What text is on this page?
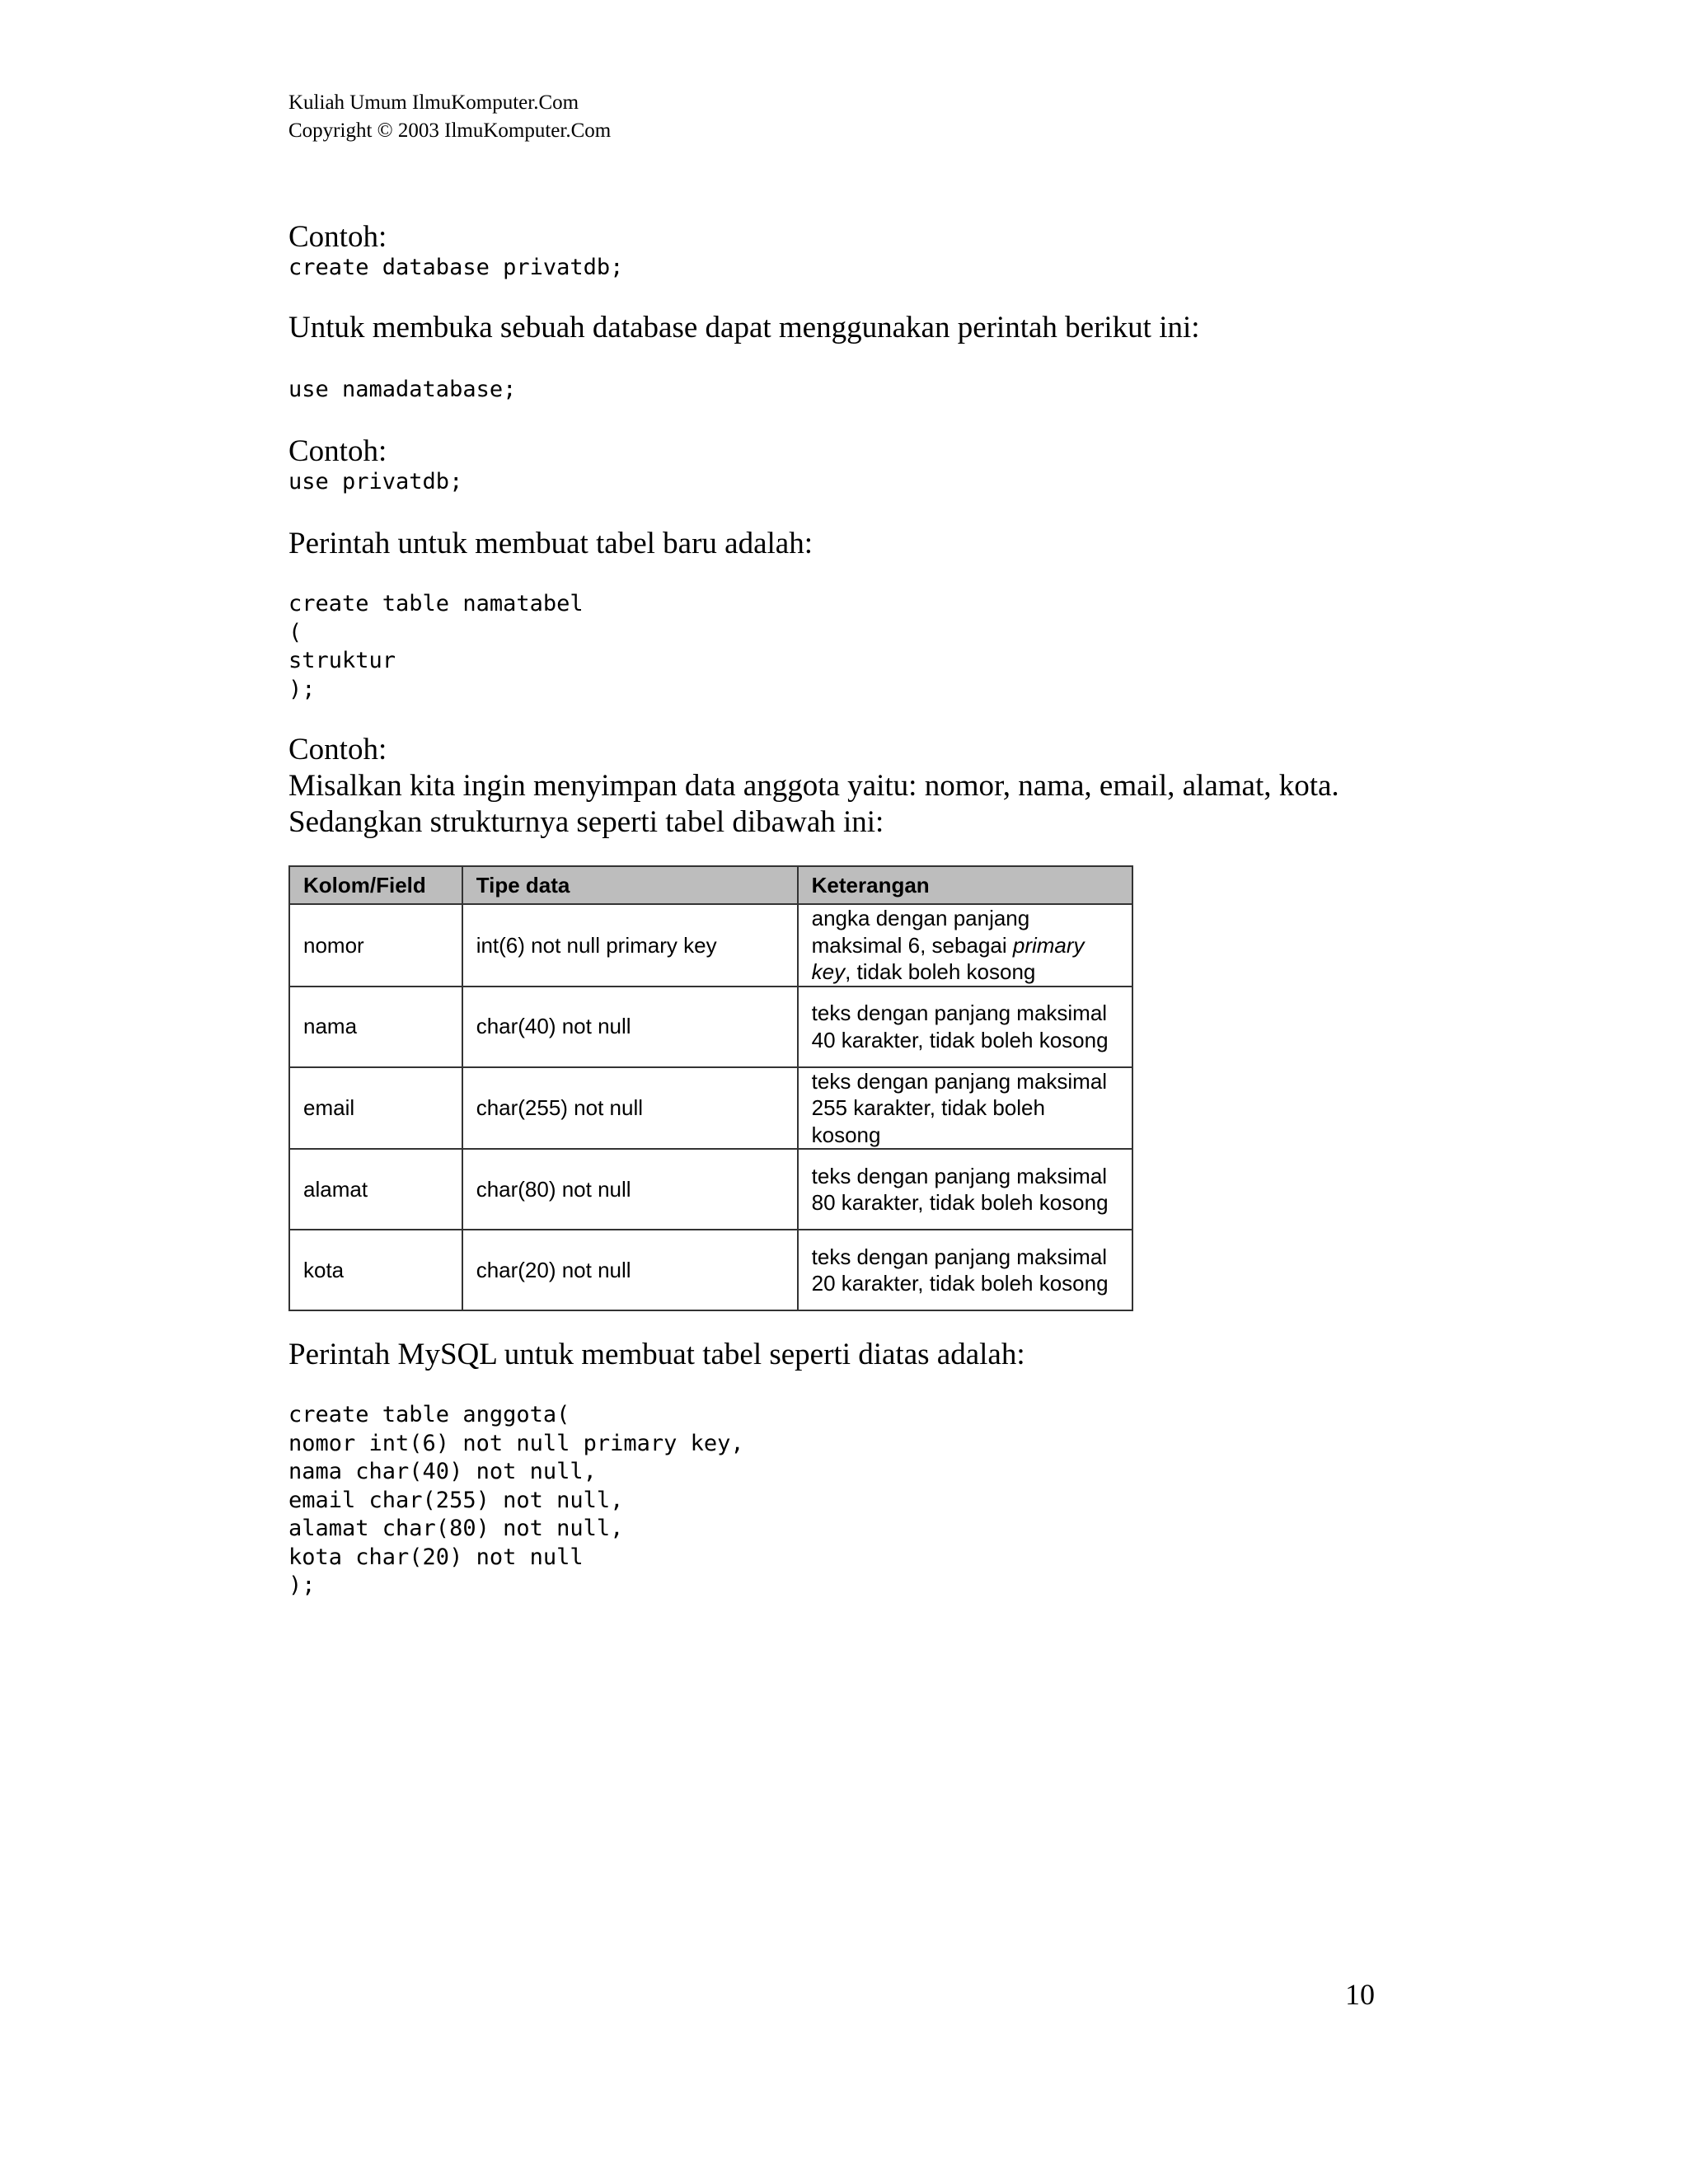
Kuliah Umum IlmuKomputer.Com
Copyright © 2003 IlmuKomputer.Com
Contoh:
create database privatdb;
Untuk membuka sebuah database dapat menggunakan perintah berikut ini:
use namadatabase;
Contoh:
use privatdb;
Perintah untuk membuat tabel baru adalah:
create table namatabel
(
struktur
);
Contoh:
Misalkan kita ingin menyimpan data anggota yaitu: nomor, nama, email, alamat, kota.
Sedangkan strukturnya seperti tabel dibawah ini:
Kolom/Field	Tipe data	Keterangan
nomor	int(6) not null primary key	angka dengan panjang maksimal 6, sebagai primary key, tidak boleh kosong
nama	char(40) not null	teks dengan panjang maksimal 40 karakter, tidak boleh kosong
email	char(255) not null	teks dengan panjang maksimal 255 karakter, tidak boleh kosong
alamat	char(80) not null	teks dengan panjang maksimal 80 karakter, tidak boleh kosong
kota	char(20) not null	teks dengan panjang maksimal 20 karakter, tidak boleh kosong
Perintah MySQL untuk membuat tabel seperti diatas adalah:
create table anggota(
nomor int(6) not null primary key,
nama char(40) not null,
email char(255) not null,
alamat char(80) not null,
kota char(20) not null
);
10
